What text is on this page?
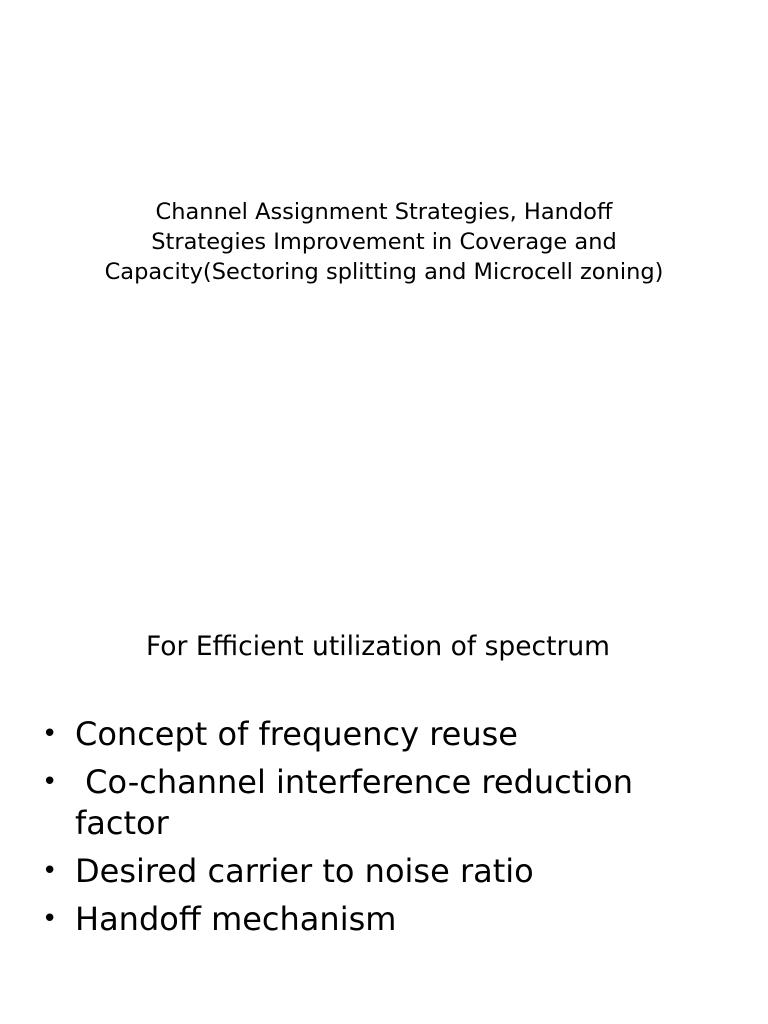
Channel Assignment Strategies, Handoff
Strategies Improvement in Coverage and
Capacity(Sectoring splitting and Microcell zoning)
For Efficient utilization of spectrum
• Concept of frequency reuse
• Co-channel interference reduction
factor
• Desired carrier to noise ratio
• Handoff mechanism
